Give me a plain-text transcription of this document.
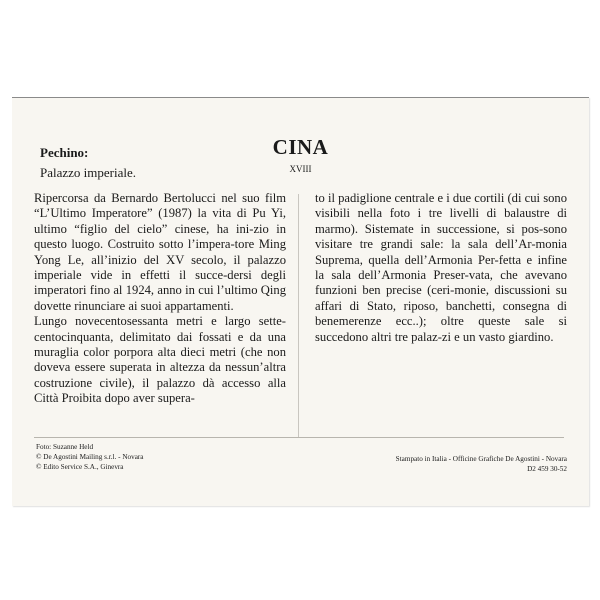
Pechino:
Palazzo imperiale.
CINA
XVIII

Ripercorsa da Bernardo Bertolucci nel suo film “L’Ultimo Imperatore” (1987) la vita di Pu Yi, ultimo “figlio del cielo” cinese, ha ini-zio in questo luogo. Costruito sotto l’impera-tore Ming Yong Le, all’inizio del XV secolo, il palazzo imperiale vide in effetti il succe-dersi degli imperatori fino al 1924, anno in cui l’ultimo Qing dovette rinunciare ai suoi appartamenti.

Lungo novecentosessanta metri e largo sette-centocinquanta, delimitato dai fossati e da una muraglia color porpora alta dieci metri (che non doveva essere superata in altezza da nessun’altra costruzione civile), il palazzo dà accesso alla Città Proibita dopo aver supera-

to il padiglione centrale e i due cortili (di cui sono visibili nella foto i tre livelli di balaustre di marmo). Sistemate in successione, si pos-sono visitare tre grandi sale: la sala dell’Ar-monia Suprema, quella dell’Armonia Per-fetta e infine la sala dell’Armonia Preser-vata, che avevano funzioni ben precise (ceri-monie, discussioni su affari di Stato, riposo, banchetti, consegna di benemerenze ecc..); oltre queste sale si succedono altri tre palaz-zi e un vasto giardino.

Foto: Suzanne Held
© De Agostini Mailing s.r.l. - Novara
© Edito Service S.A., Ginevra
Stampato in Italia - Officine Grafiche De Agostini - Novara
D2 459 30-52
